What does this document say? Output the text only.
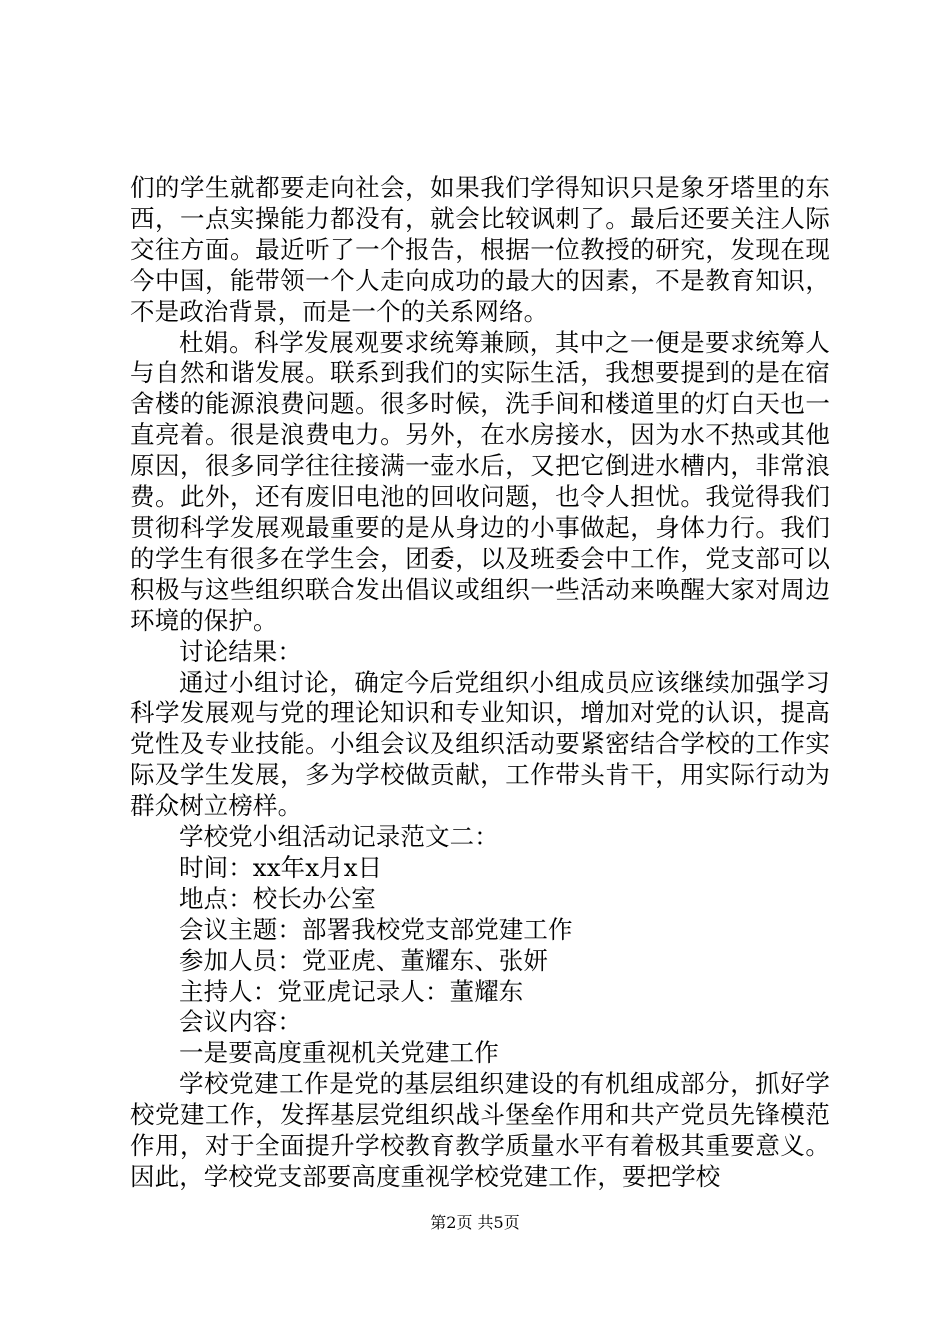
们的学生就都要走向社会，如果我们学得知识只是象牙塔里的东西，一点实操能力都没有，就会比较讽刺了。最后还要关注人际交往方面。最近听了一个报告，根据一位教授的研究，发现在现今中国，能带领一个人走向成功的最大的因素，不是教育知识，不是政治背景，而是一个的关系网络。

杜娟。科学发展观要求统筹兼顾，其中之一便是要求统筹人与自然和谐发展。联系到我们的实际生活，我想要提到的是在宿舍楼的能源浪费问题。很多时候，洗手间和楼道里的灯白天也一直亮着。很是浪费电力。另外，在水房接水，因为水不热或其他原因，很多同学往往接满一壶水后，又把它倒进水槽内，非常浪费。此外，还有废旧电池的回收问题，也令人担忧。我觉得我们贯彻科学发展观最重要的是从身边的小事做起，身体力行。我们的学生有很多在学生会，团委，以及班委会中工作，党支部可以积极与这些组织联合发出倡议或组织一些活动来唤醒大家对周边环境的保护。

讨论结果：

通过小组讨论，确定今后党组织小组成员应该继续加强学习科学发展观与党的理论知识和专业知识，增加对党的认识，提高党性及专业技能。小组会议及组织活动要紧密结合学校的工作实际及学生发展，多为学校做贡献，工作带头肯干，用实际行动为群众树立榜样。

学校党小组活动记录范文二：

时间：xx年x月x日

地点：校长办公室

会议主题：部署我校党支部党建工作

参加人员：党亚虎、董耀东、张妍

主持人：党亚虎记录人：董耀东

会议内容：

一是要高度重视机关党建工作

学校党建工作是党的基层组织建设的有机组成部分，抓好学校党建工作，发挥基层党组织战斗堡垒作用和共产党员先锋模范作用，对于全面提升学校教育教学质量水平有着极其重要意义。因此，学校党支部要高度重视学校党建工作，要把学校

第2页 共5页
